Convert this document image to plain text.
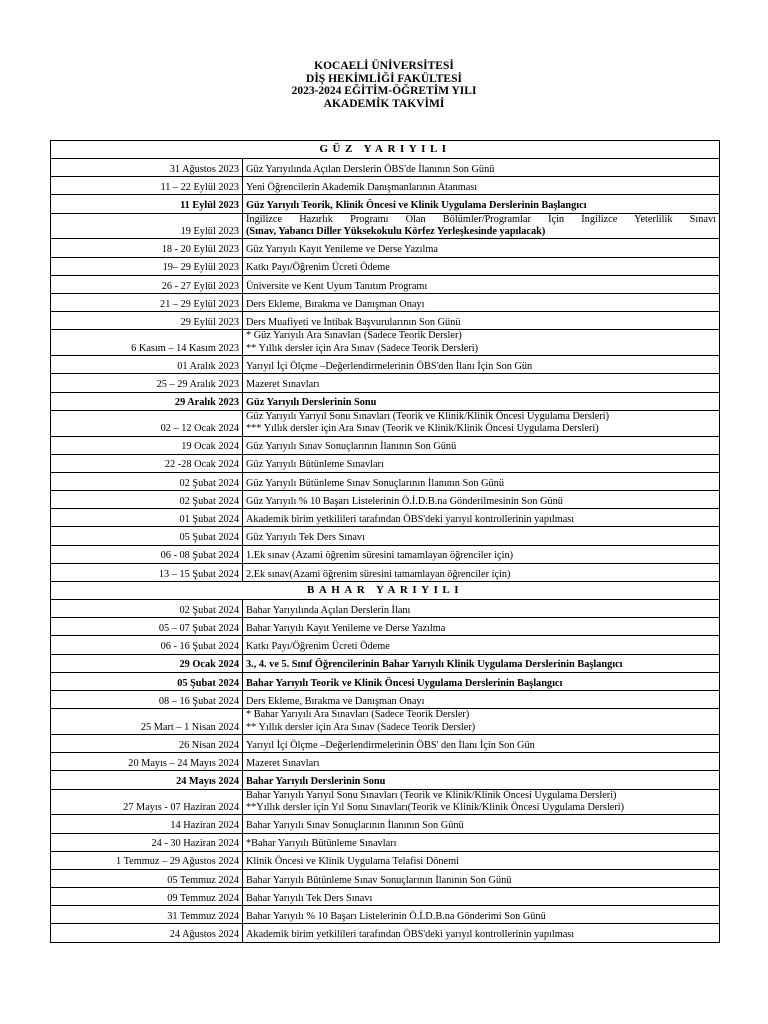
KOCAELİ ÜNİVERSİTESİ
DİŞ HEKİMLİĞİ FAKÜLTESİ
2023-2024 EĞİTİM-ÖĞRETİM YILI
AKADEMİK TAKVİMİ
GÜZ YARIYILI	
31 Ağustos 2023	Güz Yarıyılında Açılan Derslerin ÖBS'de İlanının Son Günü

11 – 22 Eylül 2023	Yeni Öğrencilerin Akademik Danışmanlarının Atanması

11 Eylül 2023	Güz Yarıyılı Teorik, Klinik Öncesi ve Klinik Uygulama Derslerinin Başlangıcı

19 Eylül 2023	İngilizce Hazırlık Programı Olan Bölümler/Programlar İçin İngilizce Yeterlilik Sınavı
(Sınav, Yabancı Diller Yüksekokulu Körfez Yerleşkesinde yapılacak)

18 - 20 Eylül 2023	Güz Yarıyılı Kayıt Yenileme ve Derse Yazılma

19– 29 Eylül 2023	Katkı Payı/Öğrenim Ücreti Ödeme

26 - 27 Eylül 2023	Üniversite ve Kent Uyum Tanıtım Programı

21 – 29 Eylül 2023	Ders Ekleme, Bırakma ve Danışman Onayı

29 Eylül 2023	Ders Muafiyeti ve İntibak Başvurularının Son Günü

6 Kasım – 14 Kasım 2023	* Güz Yarıyılı Ara Sınavları (Sadece Teorik Dersler)
** Yıllık dersler için Ara Sınav (Sadece Teorik Dersleri)

01 Aralık 2023	Yarıyıl İçi Ölçme –Değerlendirmelerinin ÖBS'den İlanı İçin Son Gün

25 – 29 Aralık 2023	Mazeret Sınavları

29 Aralık 2023	Güz Yarıyılı Derslerinin Sonu

02 – 12 Ocak 2024	Güz Yarıyılı Yarıyıl Sonu Sınavları (Teorik ve Klinik/Klinik Öncesi Uygulama Dersleri)
*** Yıllık dersler için Ara Sınav (Teorik ve Klinik/Klinik Öncesi Uygulama Dersleri)

19 Ocak 2024	Güz Yarıyılı Sınav Sonuçlarının İlanının Son Günü

22 -28 Ocak 2024	Güz Yarıyılı Bütünleme Sınavları

02 Şubat 2024	Güz Yarıyılı Bütünleme Sınav Sonuçlarının İlanının Son Günü

02 Şubat 2024	Güz Yarıyılı % 10 Başarı Listelerinin Ö.İ.D.B.na Gönderilmesinin Son Günü

01 Şubat 2024	Akademik birim yetkilileri tarafından ÖBS'deki yarıyıl kontrollerinin yapılması

05 Şubat 2024	Güz Yarıyılı Tek Ders Sınavı

06 - 08 Şubat 2024	1.Ek sınav (Azami öğrenim süresini tamamlayan öğrenciler için)

13 – 15 Şubat 2024	2.Ek sınav(Azami öğrenim süresini tamamlayan öğrenciler için)

BAHAR YARIYILI	
02 Şubat 2024	Bahar Yarıyılında Açılan Derslerin İlanı

05 – 07 Şubat 2024	Bahar Yarıyılı Kayıt Yenileme ve Derse Yazılma

06 - 16 Şubat 2024	Katkı Payı/Öğrenim Ücreti Ödeme

29 Ocak 2024	3., 4. ve 5. Sınıf Öğrencilerinin Bahar Yarıyılı Klinik Uygulama Derslerinin Başlangıcı

05 Şubat 2024	Bahar Yarıyılı Teorik ve Klinik Öncesi Uygulama Derslerinin Başlangıcı

08 – 16 Şubat 2024	Ders Ekleme, Bırakma ve Danışman Onayı

25 Mart – 1 Nisan 2024	* Bahar Yarıyılı Ara Sınavları (Sadece Teorik Dersler)
** Yıllık dersler için Ara Sınav (Sadece Teorik Dersler)

26 Nisan 2024	Yarıyıl İçi Ölçme –Değerlendirmelerinin ÖBS' den İlanı İçin Son Gün

20 Mayıs – 24 Mayıs 2024	Mazeret Sınavları

24 Mayıs 2024	Bahar Yarıyılı Derslerinin Sonu

27 Mayıs - 07 Haziran 2024	Bahar Yarıyılı Yarıyıl Sonu Sınavları (Teorik ve Klinik/Klinik Öncesi Uygulama Dersleri)
**Yıllık dersler için Yıl Sonu Sınavları(Teorik ve Klinik/Klinik Öncesi Uygulama Dersleri)

14 Haziran 2024	Bahar Yarıyılı Sınav Sonuçlarının İlanının Son Günü

24 - 30 Haziran 2024	*Bahar Yarıyılı Bütünleme Sınavları

1 Temmuz – 29 Ağustos 2024	Klinik Öncesi ve Klinik Uygulama Telafisi Dönemi

05 Temmuz 2024	Bahar Yarıyılı Bütünleme Sınav Sonuçlarının İlanının Son Günü

09 Temmuz 2024	Bahar Yarıyılı Tek Ders Sınavı

31 Temmuz 2024	Bahar Yarıyılı % 10 Başarı Listelerinin Ö.İ.D.B.na Gönderimi Son Günü

24 Ağustos 2024	Akademik birim yetkilileri tarafından ÖBS'deki yarıyıl kontrollerinin yapılması
